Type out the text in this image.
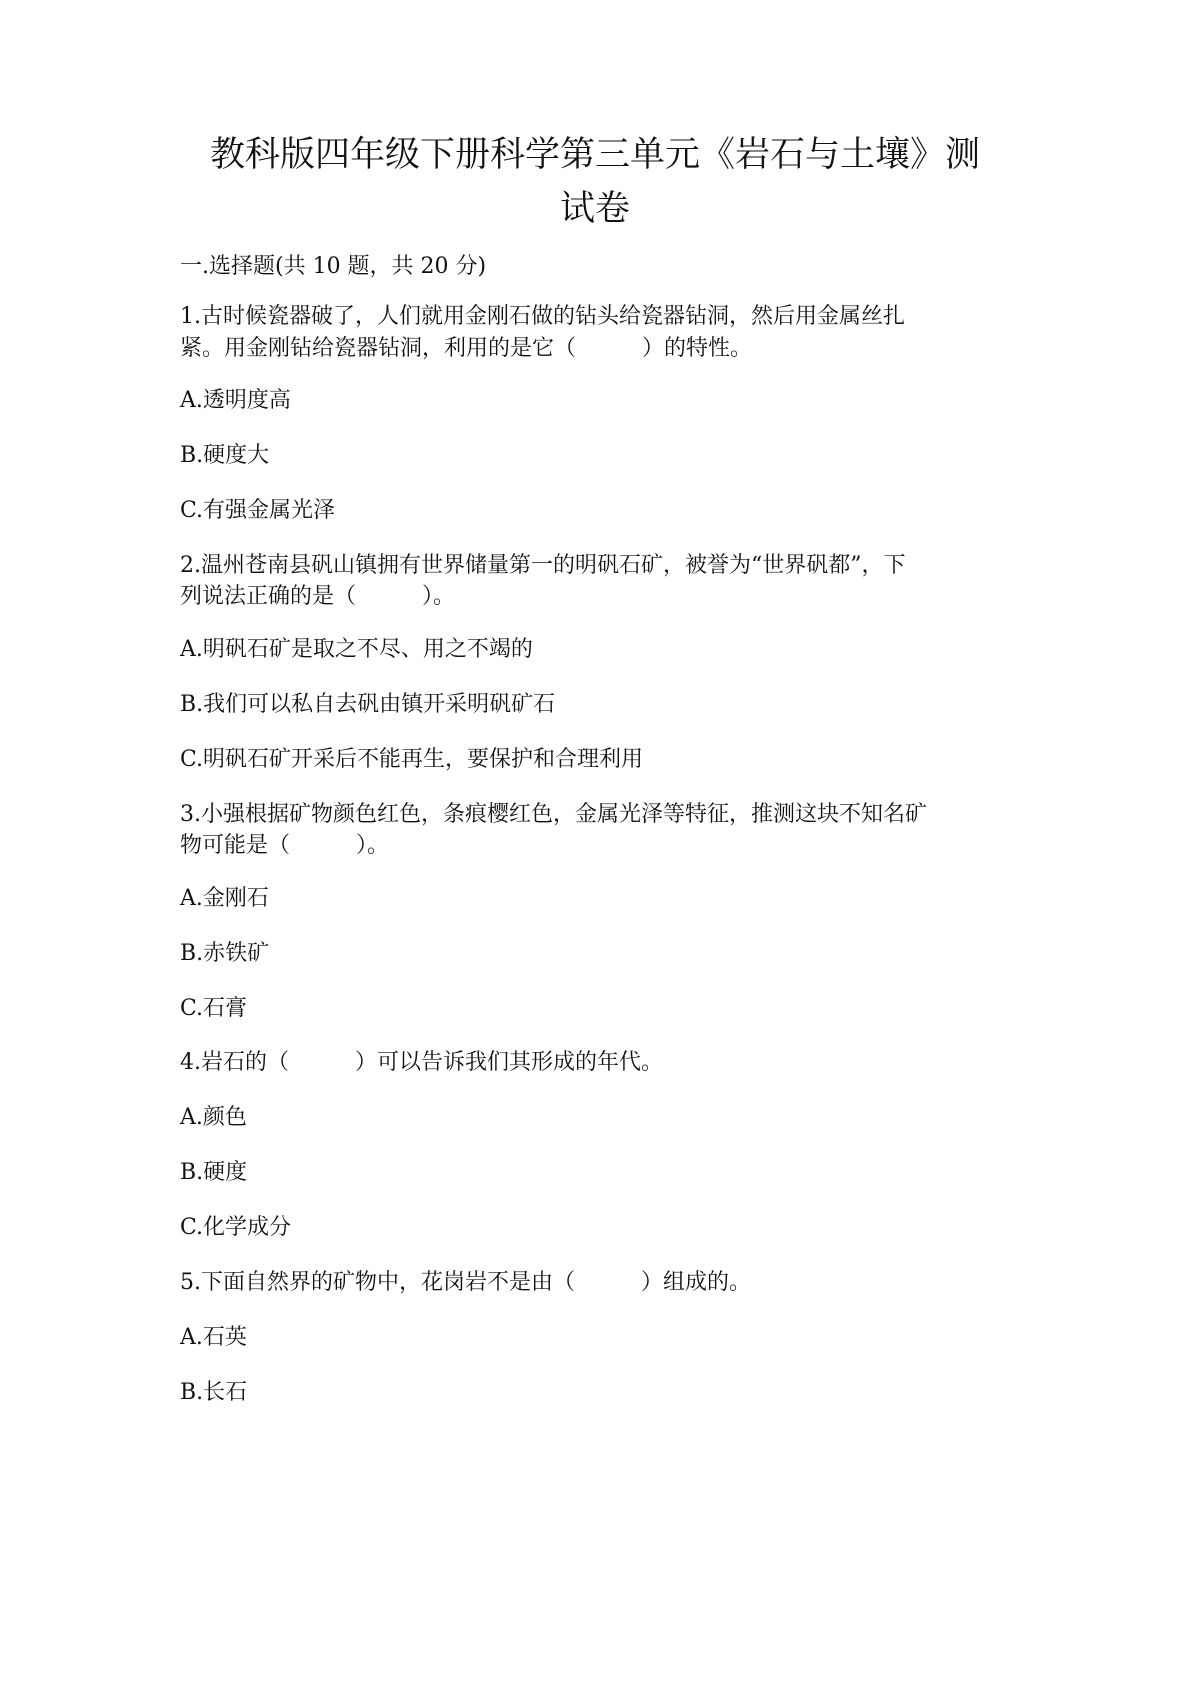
教科版四年级下册科学第三单元《岩石与土壤》测
试卷
一.选择题(共 10 题，共 20 分)
1.古时候瓷器破了，人们就用金刚石做的钻头给瓷器钻洞，然后用金属丝扎
紧。用金刚钻给瓷器钻洞，利用的是它（　　　）的特性。
A.透明度高
B.硬度大
C.有强金属光泽
2.温州苍南县矾山镇拥有世界储量第一的明矾石矿，被誉为“世界矾都”，下
列说法正确的是（　　　）。
A.明矾石矿是取之不尽、用之不竭的
B.我们可以私自去矾由镇开采明矾矿石
C.明矾石矿开采后不能再生，要保护和合理利用
3.小强根据矿物颜色红色，条痕樱红色，金属光泽等特征，推测这块不知名矿
物可能是（　　　）。
A.金刚石
B.赤铁矿
C.石膏
4.岩石的（　　　）可以告诉我们其形成的年代。
A.颜色
B.硬度
C.化学成分
5.下面自然界的矿物中，花岗岩不是由（　　　）组成的。
A.石英
B.长石
